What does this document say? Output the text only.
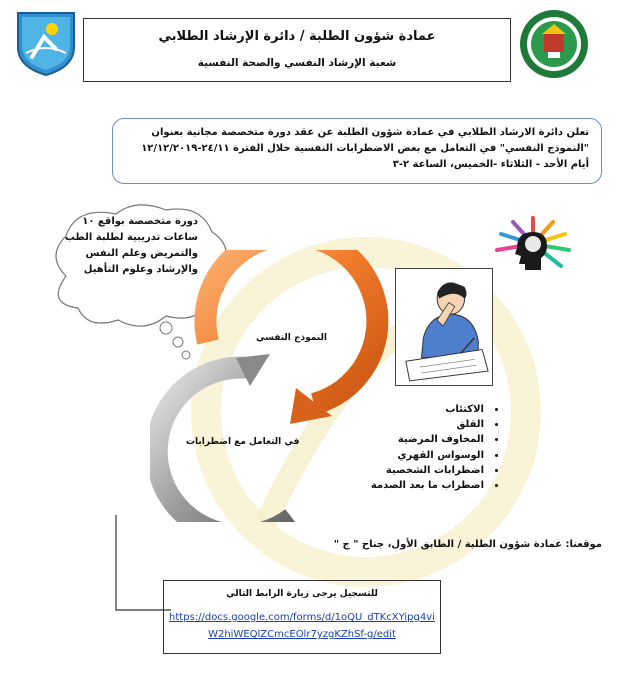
عمادة شؤون الطلبة / دائرة الإرشاد الطلابي
شعبة الإرشاد النفسي والصحة النفسية
تعلن دائرة الارشاد الطلابي في عمادة شؤون الطلبة عن عقد دورة متخصصة مجانية بعنوان "النموذج النفسي" في التعامل مع بعض الاضطرابات النفسية خلال الفترة ٢٤/١١-١٢/١٢/٢٠١٩ أيام الأحد - الثلاثاء -الخميس، الساعة ٢-٣
دورة متخصصة بواقع ١٠ ساعات تدريبية لطلبة الطب والتمريض وعلم النفس والإرشاد وعلوم التأهيل
النموذج النفسي
في التعامل مع اضطرابات
• الاكتئاب
• القلق
• المخاوف المرضية
• الوسواس القهري
• اضطرابات الشخصية
• اضطراب ما بعد الصدمة
موقعنا: عمادة شؤون الطلبة / الطابق الأول، جناح " ج "
للتسجيل يرجى زيارة الرابط التالي
https://docs.google.com/forms/d/1oQU_dTKcXYipg4viW2hiWEQlZCmcEOlr7yzgKZhSf-g/edit
